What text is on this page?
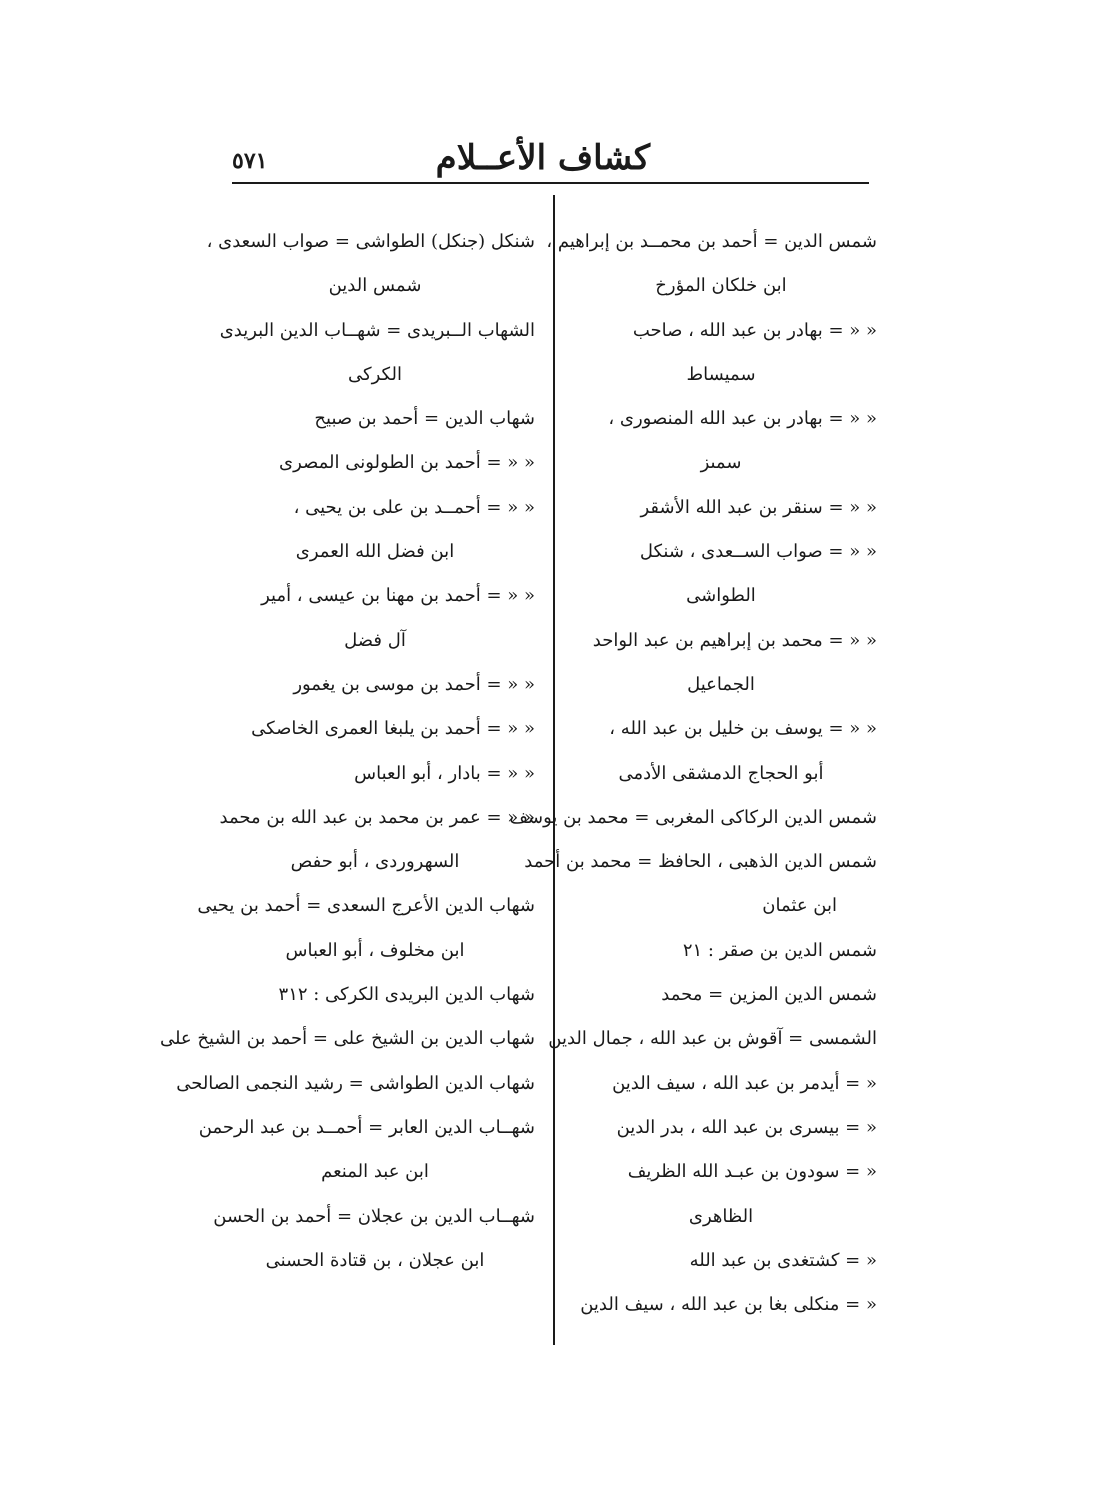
كشاف الأعــلام
٥٧١
شمس الدين = أحمد بن محمــد بن إبراهيم ،
ابن خلكان المؤرخ
« « = بهادر بن عبد الله ، صاحب
سميساط
« « = بهادر بن عبد الله المنصورى ،
سمىز
« « = سنقر بن عبد الله الأشقر
« « = صواب الســعدى ، شنكل
الطواشى
« « = محمد بن إبراهيم بن عبد الواحد
الجماعيل
« « = يوسف بن خليل بن عبد الله ،
أبو الحجاج الدمشقى الأدمى
شمس الدين الركاكى المغربى = محمد بن يوسف
شمس الدين الذهبى ، الحافظ = محمد بن أحمد
ابن عثمان
شمس الدين بن صقر : ٢١
شمس الدين المزين = محمد
الشمسى = آقوش بن عبد الله ، جمال الدين
« = أيدمر بن عبد الله ، سيف الدين
« = بيسرى بن عبد الله ، بدر الدين
« = سودون بن عبـد الله الظريف
الظاهرى
« = كشتغدى بن عبد الله
« = منكلى بغا بن عبد الله ، سيف الدين
شنكل (جنكل) الطواشى = صواب السعدى ،
شمس الدين
الشهاب الــبريدى = شهــاب الدين البريدى
الكركى
شهاب الدين = أحمد بن صبيح
« « = أحمد بن الطولونى المصرى
« « = أحمــد بن على بن يحيى ،
ابن فضل الله العمرى
« « = أحمد بن مهنا بن عيسى ، أمير
آل فضل
« « = أحمد بن موسى بن يغمور
« « = أحمد بن يلبغا العمرى الخاصكى
« « = بادار ، أبو العباس
« « = عمر بن محمد بن عبد الله بن محمد
السهروردى ، أبو حفص
شهاب الدين الأعرج السعدى = أحمد بن يحيى
ابن مخلوف ، أبو العباس
شهاب الدين البريدى الكركى : ٣١٢
شهاب الدين بن الشيخ على = أحمد بن الشيخ على
شهاب الدين الطواشى = رشيد النجمى الصالحى
شهــاب الدين العابر = أحمــد بن عبد الرحمن
ابن عبد المنعم
شهــاب الدين بن عجلان = أحمد بن الحسن
ابن عجلان ، بن قتادة الحسنى
